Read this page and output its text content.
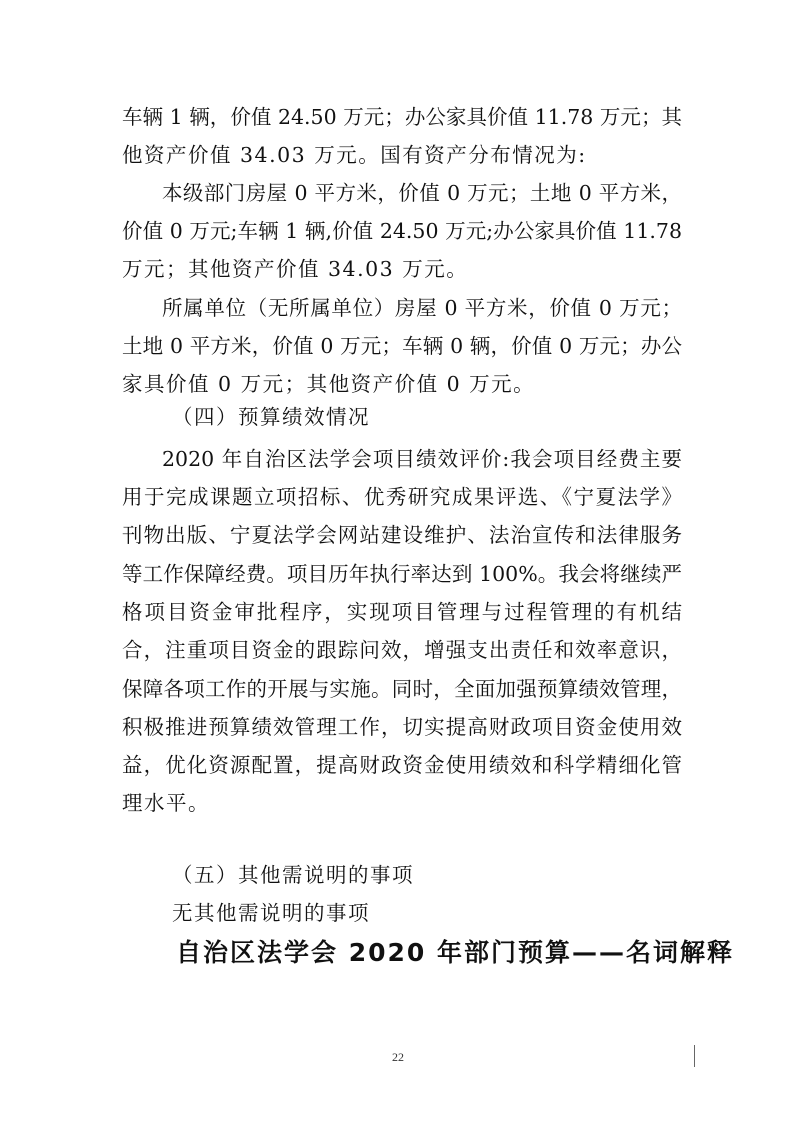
车辆 1 辆，价值 24.50 万元；办公家具价值 11.78 万元；其
他资产价值 34.03 万元。国有资产分布情况为:
本级部门房屋 0 平方米，价值 0 万元；土地 0 平方米，
价值 0 万元;车辆 1 辆,价值 24.50 万元;办公家具价值 11.78
万元；其他资产价值 34.03 万元。
所属单位（无所属单位）房屋 0 平方米，价值 0 万元；
土地 0 平方米，价值 0 万元；车辆 0 辆，价值 0 万元；办公
家具价值 0 万元；其他资产价值 0 万元。
（四）预算绩效情况
2020 年自治区法学会项目绩效评价:我会项目经费主要
用于完成课题立项招标、优秀研究成果评选、《宁夏法学》
刊物出版、宁夏法学会网站建设维护、法治宣传和法律服务
等工作保障经费。项目历年执行率达到 100%。我会将继续严
格项目资金审批程序，实现项目管理与过程管理的有机结
合，注重项目资金的跟踪问效，增强支出责任和效率意识，
保障各项工作的开展与实施。同时，全面加强预算绩效管理，
积极推进预算绩效管理工作，切实提高财政项目资金使用效
益，优化资源配置，提高财政资金使用绩效和科学精细化管
理水平。
（五）其他需说明的事项
无其他需说明的事项
自治区法学会 2020 年部门预算——名词解释
22
